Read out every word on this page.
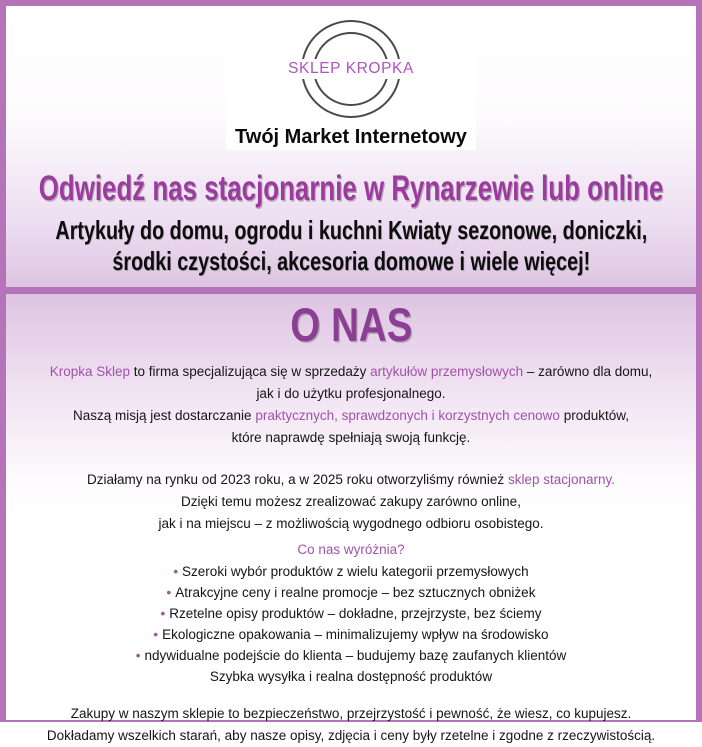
SKLEP KROPKA
Twój Market Internetowy
Odwiedź nas stacjonarnie w Rynarzewie lub online
Artykuły do domu, ogrodu i kuchni Kwiaty sezonowe, doniczki,
środki czystości, akcesoria domowe i wiele więcej!
O NAS
Kropka Sklep to firma specjalizująca się w sprzedaży artykułów przemysłowych – zarówno dla domu,
jak i do użytku profesjonalnego.
Naszą misją jest dostarczanie praktycznych, sprawdzonych i korzystnych cenowo produktów,
które naprawdę spełniają swoją funkcję.
Działamy na rynku od 2023 roku, a w 2025 roku otworzyliśmy również sklep stacjonarny.
Dzięki temu możesz zrealizować zakupy zarówno online,
jak i na miejscu – z możliwością wygodnego odbioru osobistego.
Co nas wyróżnia?
• Szeroki wybór produktów z wielu kategorii przemysłowych
• Atrakcyjne ceny i realne promocje – bez sztucznych obniżek
• Rzetelne opisy produktów – dokładne, przejrzyste, bez ściemy
• Ekologiczne opakowania – minimalizujemy wpływ na środowisko
• ndywidualne podejście do klienta – budujemy bazę zaufanych klientów
Szybka wysyłka i realna dostępność produktów
Zakupy w naszym sklepie to bezpieczeństwo, przejrzystość i pewność, że wiesz, co kupujesz.
Dokładamy wszelkich starań, aby nasze opisy, zdjęcia i ceny były rzetelne i zgodne z rzeczywistością.
